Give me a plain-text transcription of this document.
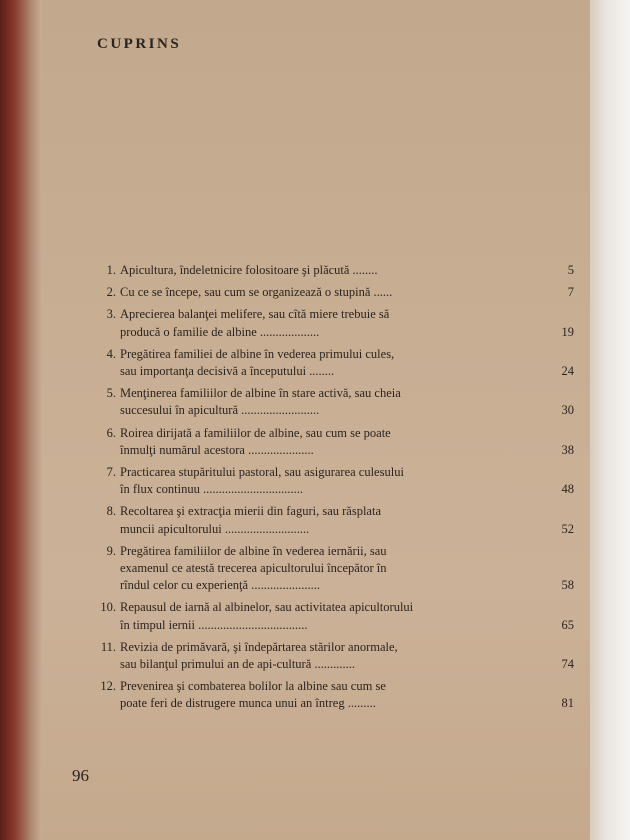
CUPRINS
1. Apicultura, îndeletnicire folositoare şi plăcută ........	5
2. Cu ce se începe, sau cum se organizează o stupină ......	7
3. Aprecierea balanţei melifere, sau cîtă miere trebuie să
producă o familie de albine ...................	19
4. Pregătirea familiei de albine în vederea primului cules,
sau importanţa decisivă a începutului ........	24
5. Menţinerea familiilor de albine în stare activă, sau cheia
succesului în apicultură .........................	30
6. Roirea dirijată a familiilor de albine, sau cum se poate
înmulţi numărul acestora .....................	38
7. Practicarea stupăritului pastoral, sau asigurarea culesului
în flux continuu ................................	48
8. Recoltarea şi extracţia mierii din faguri, sau răsplata
muncii apicultorului ...........................	52
9. Pregătirea familiilor de albine în vederea iernării, sau
examenul ce atestă trecerea apicultorului începător în
rîndul celor cu experienţă ......................	58
10. Repausul de iarnă al albinelor, sau activitatea apicultorului
în timpul iernii ...................................	65
11. Revizia de primăvară, şi îndepărtarea stărilor anormale,
sau bilanţul primului an de api-cultură .............	74
12. Prevenirea şi combaterea bolilor la albine sau cum se
poate feri de distrugere munca unui an întreg .........	81
96
